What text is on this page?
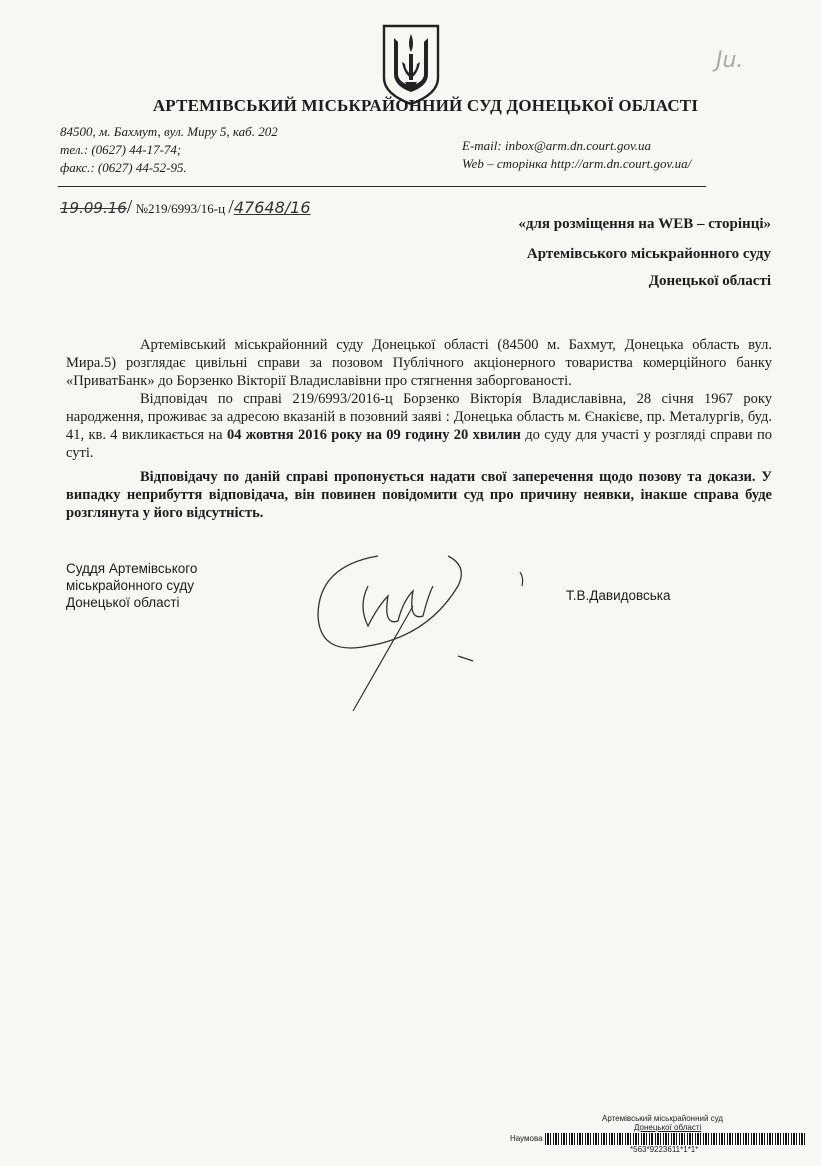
Ju.
АРТЕМІВСЬКИЙ МІСЬКРАЙОННИЙ СУД ДОНЕЦЬКОЇ ОБЛАСТІ
84500, м. Бахмут, вул. Миру 5, каб. 202
тел.: (0627) 44-17-74;
факс.: (0627) 44-52-95.
E-mail: inbox@arm.dn.court.gov.ua
Web – сторінка http://arm.dn.court.gov.ua/
19.09.16/ №219/6993/16-ц /47648/16
«для розміщення на WEB – сторінці»
Артемівського міськрайонного суду
Донецької області

Артемівський міськрайонний суду Донецької області (84500 м. Бахмут, Донецька область вул. Мира.5) розглядає цивільні справи за позовом Публічного акціонерного товариства комерційного банку «ПриватБанк» до Борзенко Вікторії Владиславівни про стягнення заборгованості.

Відповідач по справі 219/6993/2016-ц Борзенко Вікторія Владиславівна, 28 січня 1967 року народження, проживає за адресою вказаній в позовний заяві : Донецька область м. Єнакієве, пр. Металургів, буд. 41, кв. 4 викликається на 04 жовтня 2016 року на 09 годину 20 хвилин до суду для участі у розгляді справи по суті.

Відповідачу по даній справі пропонується надати свої заперечення щодо позову та докази. У випадку неприбуття відповідача, він повинен повідомити суд про причину неявки, інакше справа буде розглянута у його відсутність.

Суддя Артемівського
міськрайонного суду
Донецької області	Т.В.Давидовська
Артемівський міськрайонний суд
Донецької області
Наумова
*563*9223611*1*1*
